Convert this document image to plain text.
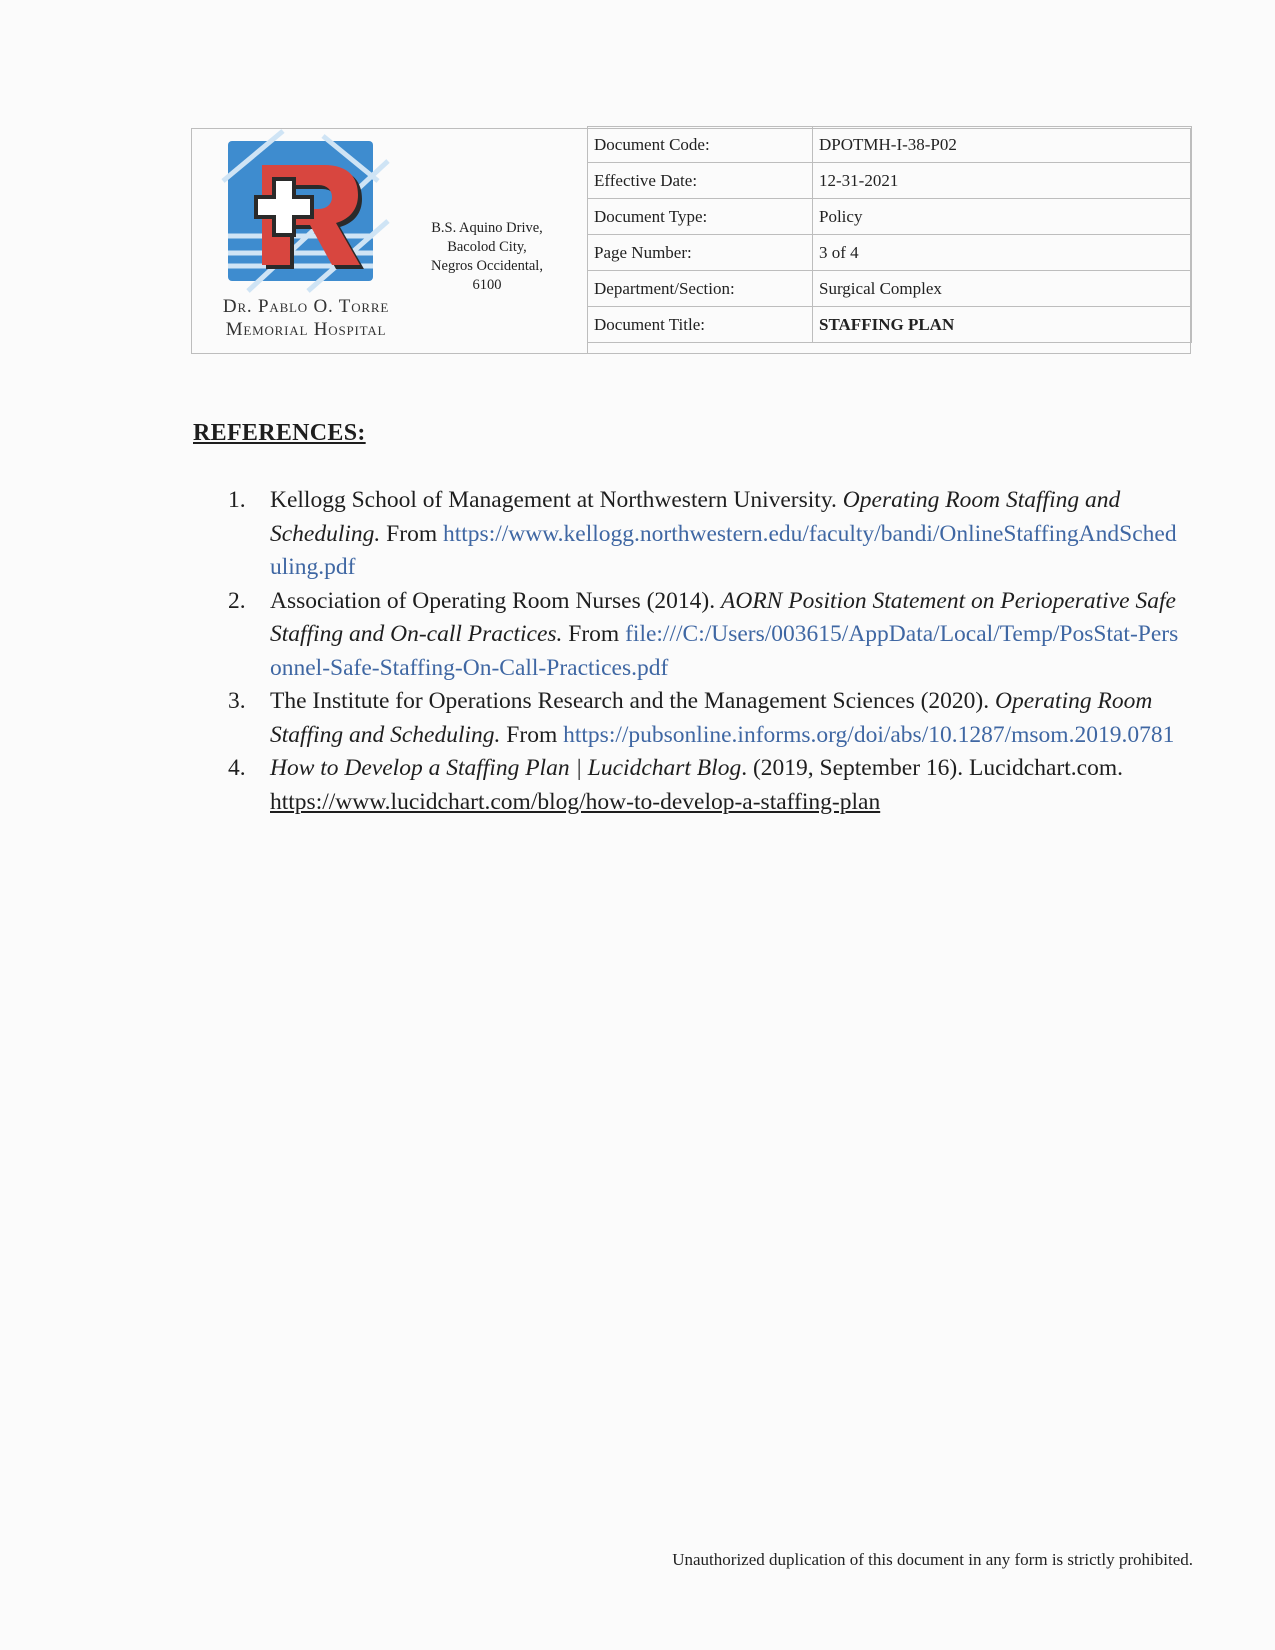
Dr. Pablo O. Torre
Memorial Hospital
B.S. Aquino Drive,
Bacolod City,
Negros Occidental,
6100
Document Code:	DPOTMH-I-38-P02
Effective Date:	12-31-2021
Document Type:	Policy
Page Number:	3 of 4
Department/Section:	Surgical Complex
Document Title:	STAFFING PLAN
REFERENCES:
1. Kellogg School of Management at Northwestern University. Operating Room Staffing and Scheduling. From https://www.kellogg.northwestern.edu/faculty/bandi/OnlineStaffingAndScheduling.pdf
2. Association of Operating Room Nurses (2014). AORN Position Statement on Perioperative Safe Staffing and On-call Practices. From file:///C:/Users/003615/AppData/Local/Temp/PosStat-Personnel-Safe-Staffing-On-Call-Practices.pdf
3. The Institute for Operations Research and the Management Sciences (2020). Operating Room Staffing and Scheduling. From https://pubsonline.informs.org/doi/abs/10.1287/msom.2019.0781
4. How to Develop a Staffing Plan | Lucidchart Blog. (2019, September 16). Lucidchart.com. https://www.lucidchart.com/blog/how-to-develop-a-staffing-plan
Unauthorized duplication of this document in any form is strictly prohibited.
